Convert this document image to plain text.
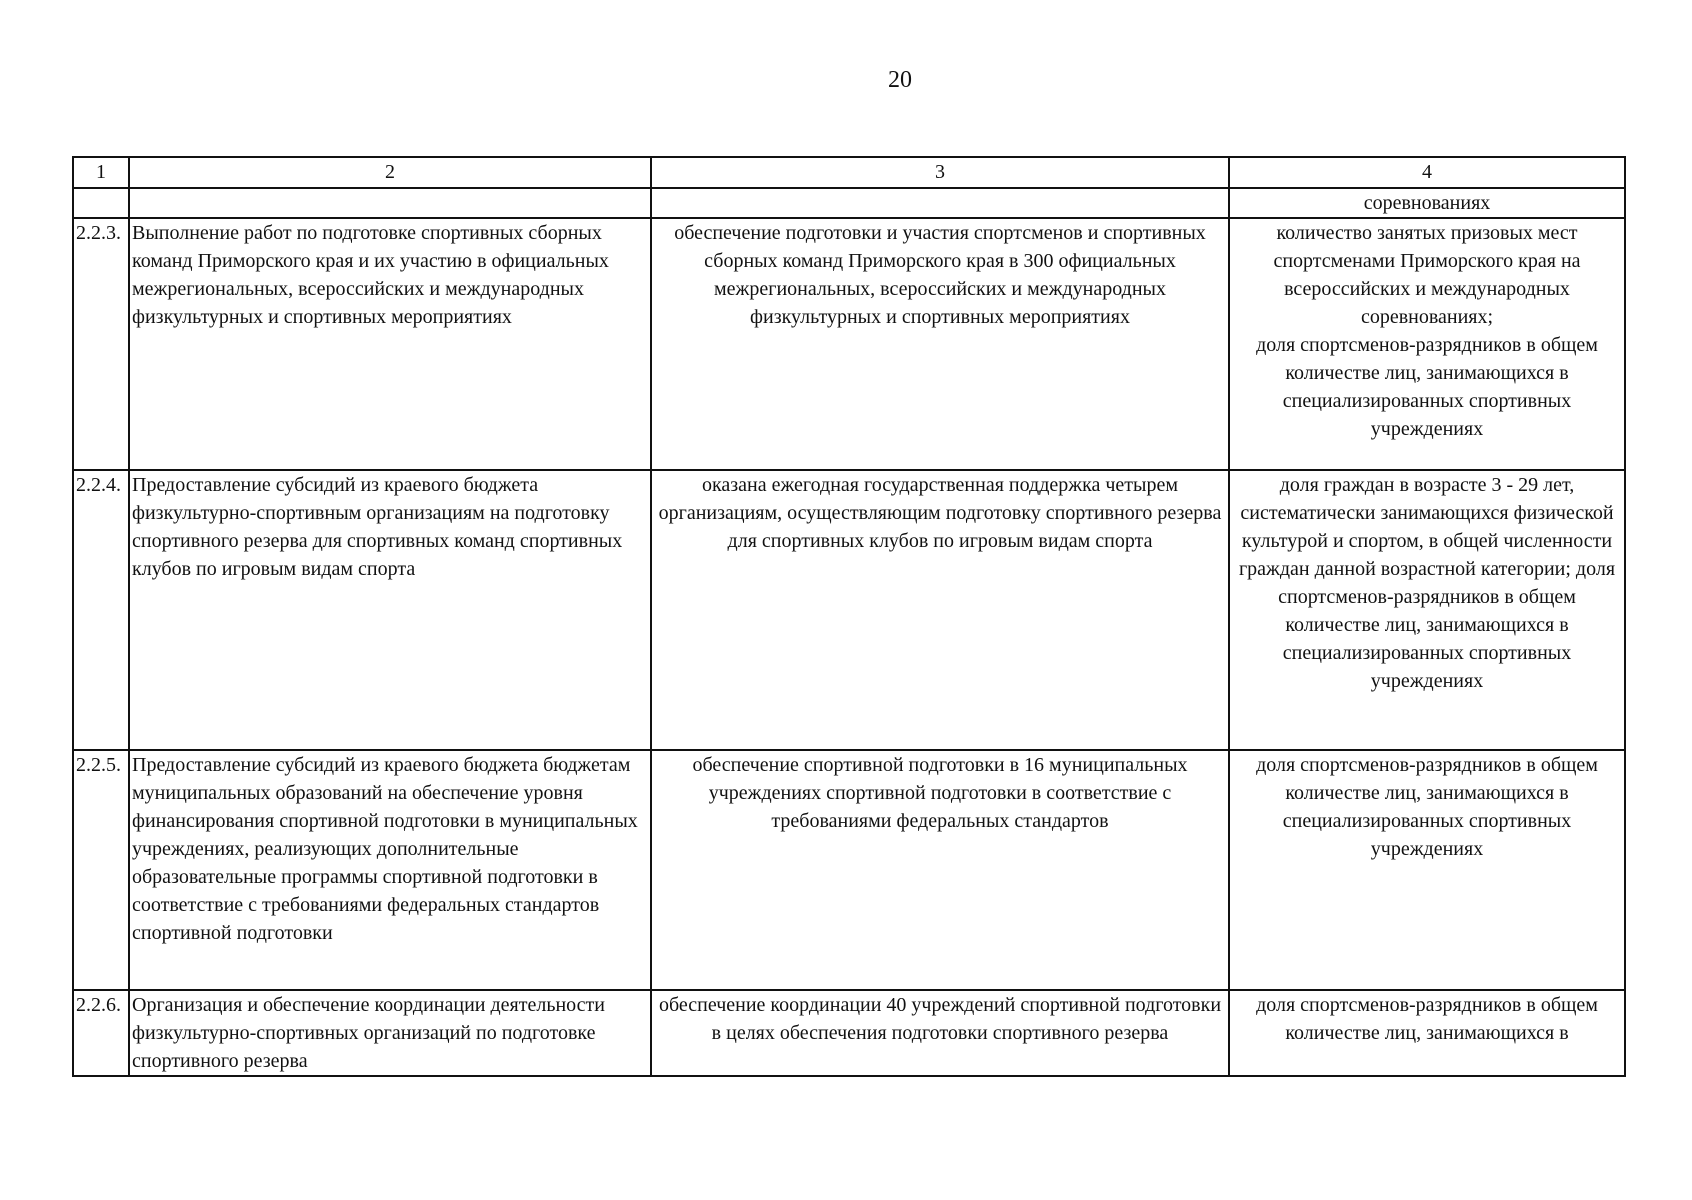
20
1	2	3	4
			соревнованиях
2.2.3.	Выполнение работ по подготовке спортивных сборных команд Приморского края и их участию в официальных межрегиональных, всероссийских и международных физкультурных и спортивных мероприятиях	обеспечение подготовки и участия спортсменов и спортивных сборных команд Приморского края в 300 официальных межрегиональных, всероссийских и международных физкультурных и спортивных мероприятиях	количество занятых призовых мест спортсменами Приморского края на всероссийских и международных соревнованиях;

доля спортсменов-разрядников в общем количестве лиц, занимающихся в специализированных спортивных учреждениях

2.2.4.	Предоставление субсидий из краевого бюджета физкультурно-спортивным организациям на подготовку спортивного резерва для спортивных команд спортивных клубов по игровым видам спорта	оказана ежегодная государственная поддержка четырем организациям, осуществляющим подготовку спортивного резерва для спортивных клубов по игровым видам спорта	доля граждан в возрасте 3 - 29 лет, систематически занимающихся физической культурой и спортом, в общей численности граждан данной возрастной категории; доля спортсменов-разрядников в общем количестве лиц, занимающихся в специализированных спортивных учреждениях

2.2.5.	Предоставление субсидий из краевого бюджета бюджетам муниципальных образований на обеспечение уровня финансирования спортивной подготовки в муниципальных учреждениях, реализующих дополнительные образовательные программы спортивной подготовки в соответствие с требованиями федеральных стандартов спортивной подготовки	обеспечение спортивной подготовки в 16 муниципальных учреждениях спортивной подготовки в соответствие с требованиями федеральных стандартов	доля спортсменов-разрядников в общем количестве лиц, занимающихся в специализированных спортивных учреждениях

2.2.6.	Организация и обеспечение координации деятельности физкультурно-спортивных организаций по подготовке спортивного резерва	обеспечение координации 40 учреждений спортивной подготовки в целях обеспечения подготовки спортивного резерва	доля спортсменов-разрядников в общем количестве лиц, занимающихся в
